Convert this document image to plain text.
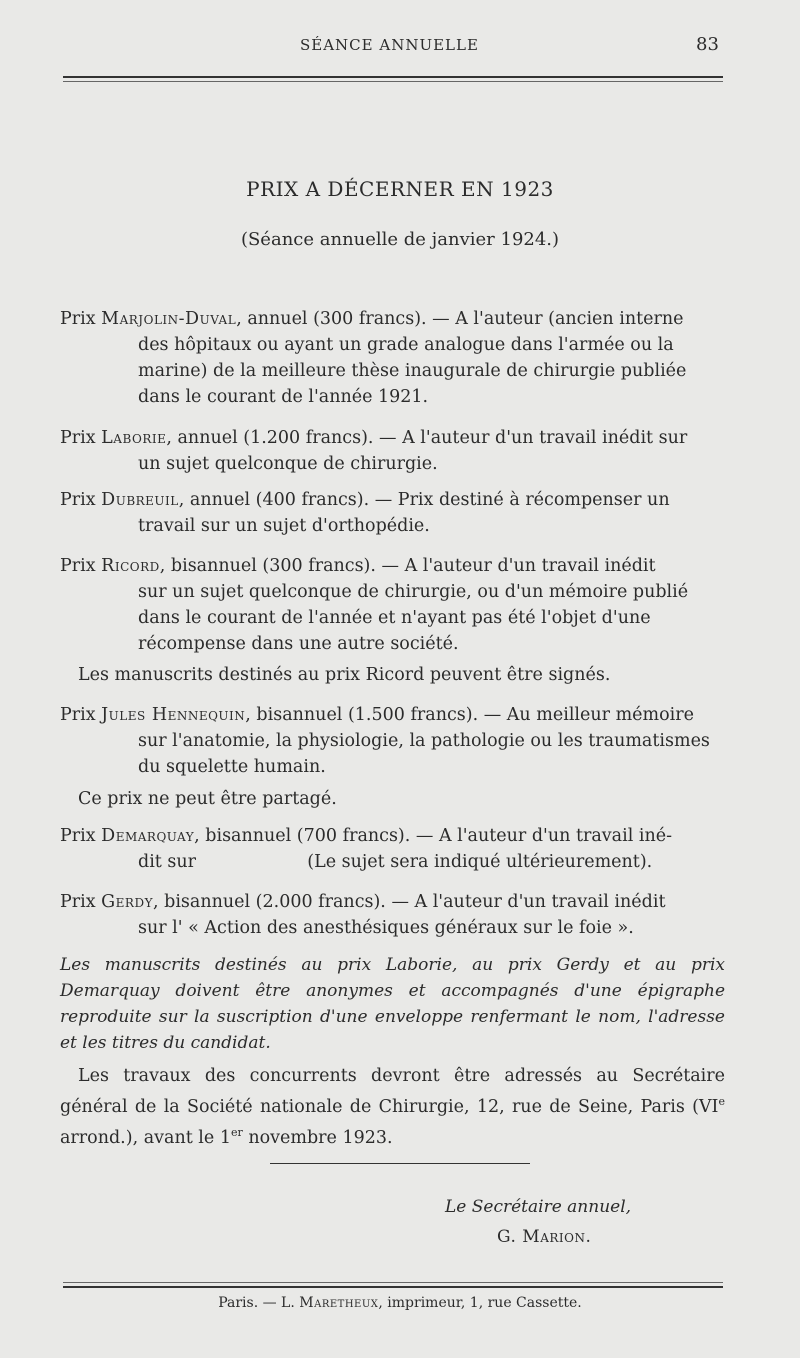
SÉANCE ANNUELLE	83
PRIX A DÉCERNER EN 1923
(Séance annuelle de janvier 1924.)
Prix Marjolin-Duval, annuel (300 francs). — A l'auteur (ancien interne
des hôpitaux ou ayant un grade analogue dans l'armée ou la
marine) de la meilleure thèse inaugurale de chirurgie publiée
dans le courant de l'année 1921.
Prix Laborie, annuel (1.200 francs). — A l'auteur d'un travail inédit sur
un sujet quelconque de chirurgie.
Prix Dubreuil, annuel (400 francs). — Prix destiné à récompenser un
travail sur un sujet d'orthopédie.
Prix Ricord, bisannuel (300 francs). — A l'auteur d'un travail inédit
sur un sujet quelconque de chirurgie, ou d'un mémoire publié
dans le courant de l'année et n'ayant pas été l'objet d'une
récompense dans une autre société.
Les manuscrits destinés au prix Ricord peuvent être signés.
Prix Jules Hennequin, bisannuel (1.500 francs). — Au meilleur mémoire
sur l'anatomie, la physiologie, la pathologie ou les traumatismes
du squelette humain.
Ce prix ne peut être partagé.
Prix Demarquay, bisannuel (700 francs). — A l'auteur d'un travail iné-
dit sur                    (Le sujet sera indiqué ultérieurement).
Prix Gerdy, bisannuel (2.000 francs). — A l'auteur d'un travail inédit
sur l' « Action des anesthésiques généraux sur le foie ».
Les manuscrits destinés au prix Laborie, au prix Gerdy et au prix Demarquay doivent être anonymes et accompagnés d'une épigraphe reproduite sur la suscription d'une enveloppe renfermant le nom, l'adresse et les titres du candidat.
Les travaux des concurrents devront être adressés au Secrétaire général de la Société nationale de Chirurgie, 12, rue de Seine, Paris (VIe arrond.), avant le 1er novembre 1923.
Le Secrétaire annuel,
G. Marion.
Paris. — L. Maretheux, imprimeur, 1, rue Cassette.
